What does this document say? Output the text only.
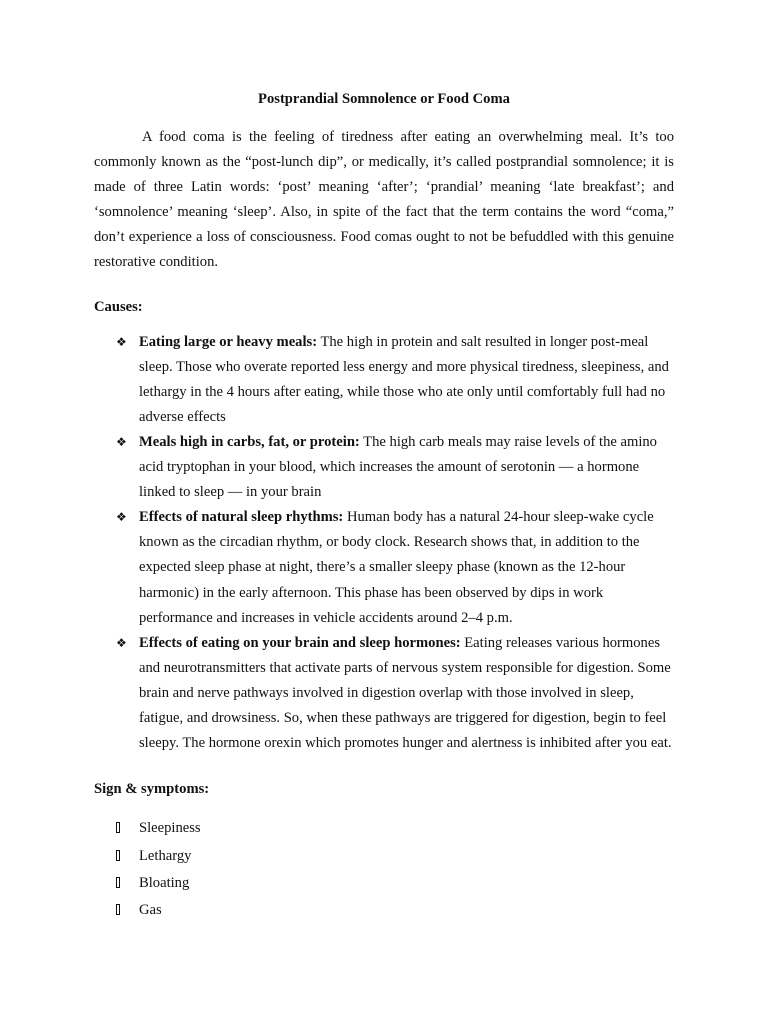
Postprandial Somnolence or Food Coma

A food coma is the feeling of tiredness after eating an overwhelming meal. It’s too commonly known as the “post-lunch dip”, or medically, it’s called postprandial somnolence; it is made of three Latin words: ‘post’ meaning ‘after’; ‘prandial’ meaning ‘late breakfast’; and ‘somnolence’ meaning ‘sleep’. Also, in spite of the fact that the term contains the word “coma,” don’t experience a loss of consciousness. Food comas ought to not be befuddled with this genuine restorative condition.

Causes:

❖ Eating large or heavy meals: The high in protein and salt resulted in longer post-meal sleep. Those who overate reported less energy and more physical tiredness, sleepiness, and lethargy in the 4 hours after eating, while those who ate only until comfortably full had no adverse effects
❖ Meals high in carbs, fat, or protein: The high carb meals may raise levels of the amino acid tryptophan in your blood, which increases the amount of serotonin — a hormone linked to sleep — in your brain
❖ Effects of natural sleep rhythms: Human body has a natural 24-hour sleep-wake cycle known as the circadian rhythm, or body clock. Research shows that, in addition to the expected sleep phase at night, there’s a smaller sleepy phase (known as the 12-hour harmonic) in the early afternoon. This phase has been observed by dips in work performance and increases in vehicle accidents around 2–4 p.m.
❖ Effects of eating on your brain and sleep hormones: Eating releases various hormones and neurotransmitters that activate parts of nervous system responsible for digestion. Some brain and nerve pathways involved in digestion overlap with those involved in sleep, fatigue, and drowsiness. So, when these pathways are triggered for digestion, begin to feel sleepy. The hormone orexin which promotes hunger and alertness is inhibited after you eat.

Sign & symptoms:

Sleepiness
Lethargy
Bloating
Gas
